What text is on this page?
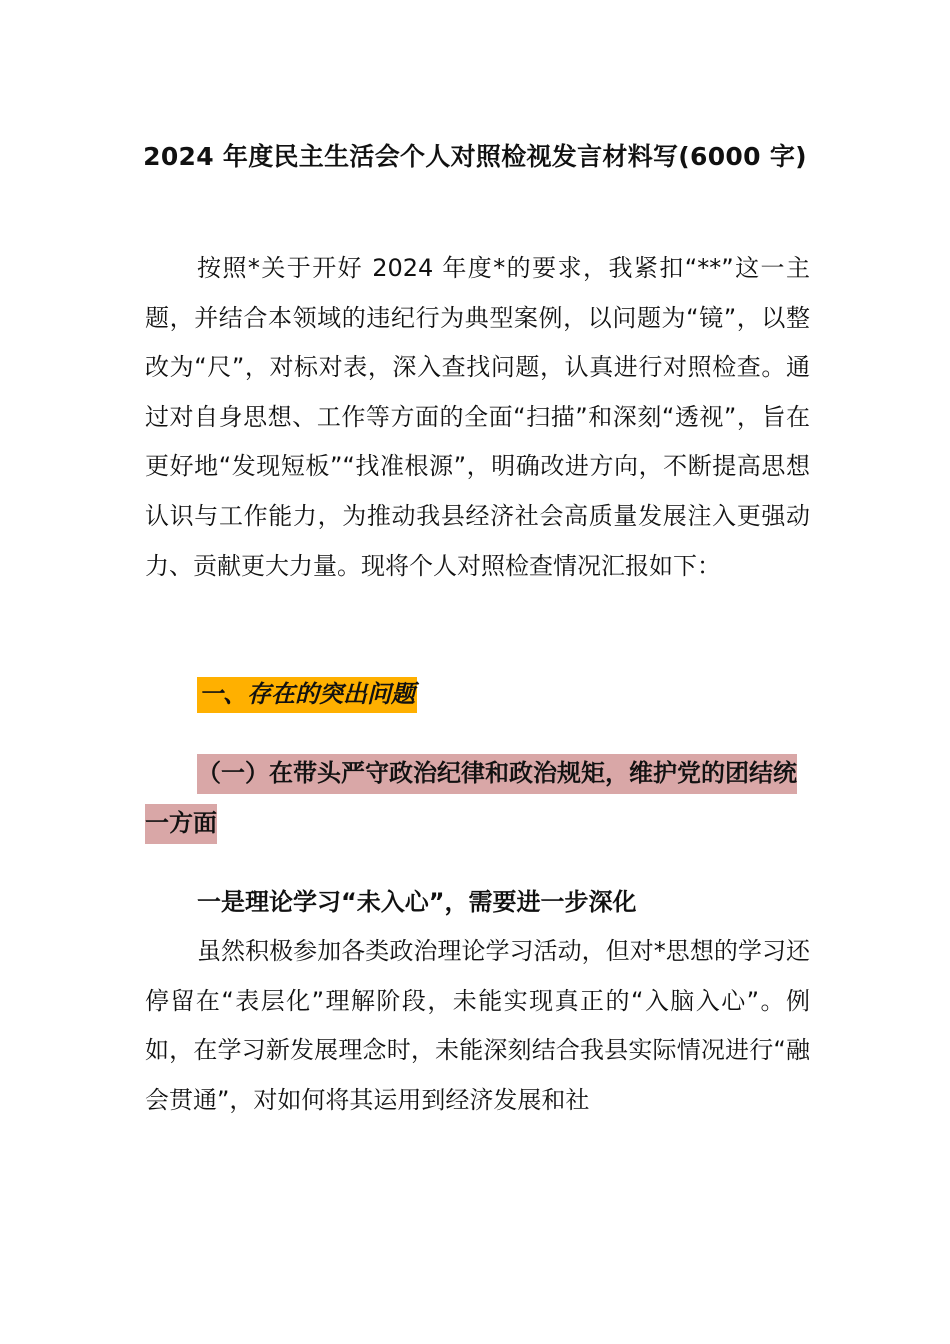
2024 年度民主生活会个人对照检视发言材料写(6000 字)

按照*关于开好 2024 年度*的要求，我紧扣“**”这一主题，并结合本领域的违纪行为典型案例，以问题为“镜”，以整改为“尺”，对标对表，深入查找问题，认真进行对照检查。通过对自身思想、工作等方面的全面“扫描”和深刻“透视”，旨在更好地“发现短板”“找准根源”，明确改进方向，不断提高思想认识与工作能力，为推动我县经济社会高质量发展注入更强动力、贡献更大力量。现将个人对照检查情况汇报如下：

一、存在的突出问题
（一）在带头严守政治纪律和政治规矩，维护党的团结统一方面
一是理论学习“未入心”，需要进一步深化

虽然积极参加各类政治理论学习活动，但对*思想的学习还停留在“表层化”理解阶段，未能实现真正的“入脑入心”。例如，在学习新发展理念时，未能深刻结合我县实际情况进行“融会贯通”，对如何将其运用到经济发展和社
